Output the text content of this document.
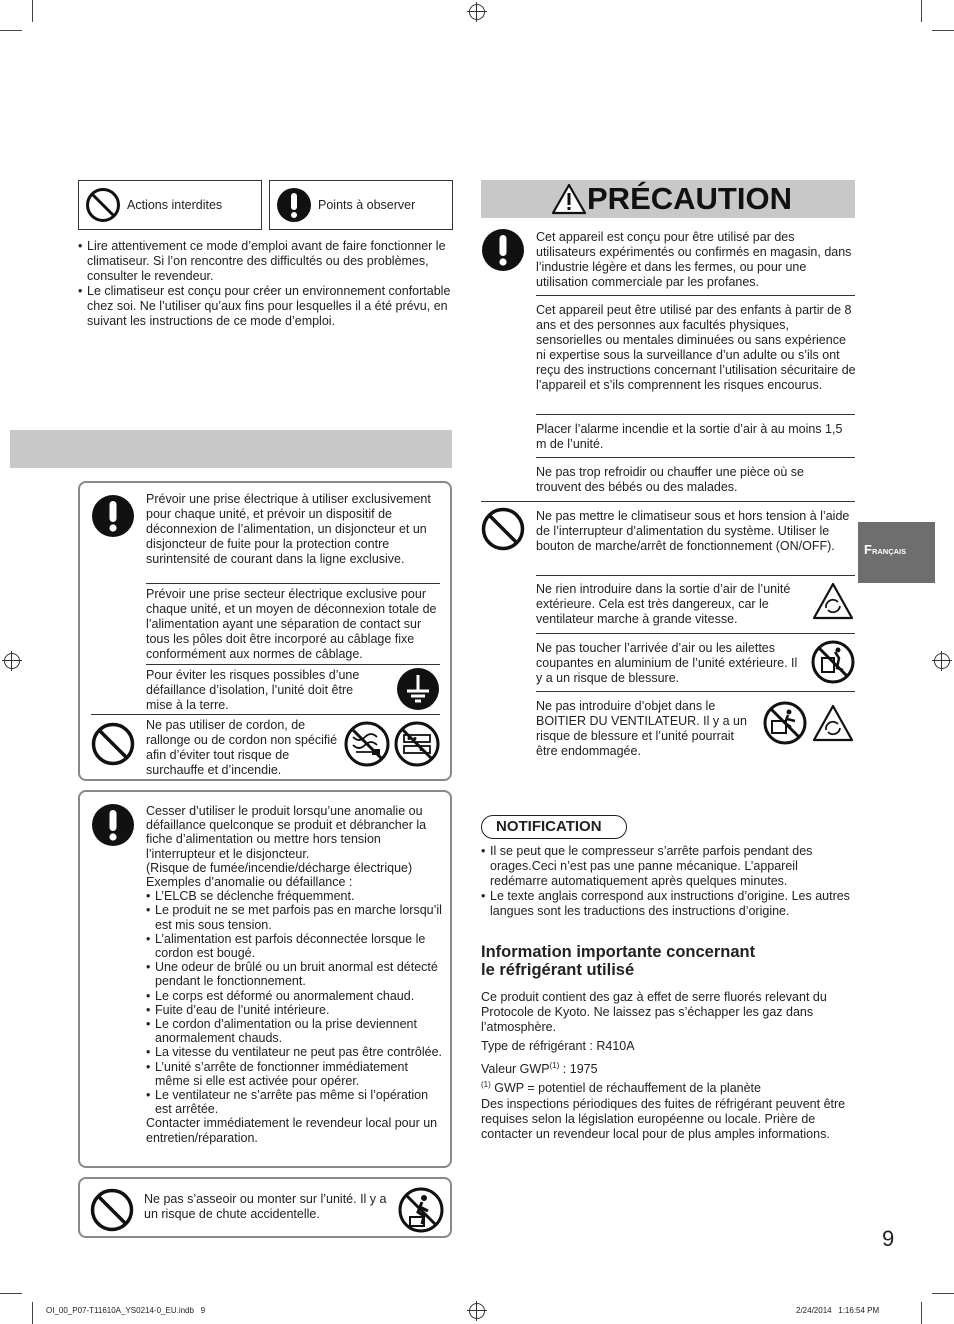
Actions interdites	Points à observer
• Lire attentivement ce mode d’emploi avant de faire fonctionner le climatiseur. Si l’on rencontre des difficultés ou des problèmes, consulter le revendeur.
• Le climatiseur est conçu pour créer un environnement confortable chez soi. Ne l’utiliser qu’aux fins pour lesquelles il a été prévu, en suivant les instructions de ce mode d’emploi.
Prévoir une prise électrique à utiliser exclusivement pour chaque unité, et prévoir un dispositif de déconnexion de l’alimentation, un disjoncteur et un disjoncteur de fuite pour la protection contre surintensité de courant dans la ligne exclusive.
Prévoir une prise secteur électrique exclusive pour chaque unité, et un moyen de déconnexion totale de l’alimentation ayant une séparation de contact sur tous les pôles doit être incorporé au câblage fixe conformément aux normes de câblage.
Pour éviter les risques possibles d’une défaillance d’isolation, l’unité doit être mise à la terre.
Ne pas utiliser de cordon, de rallonge ou de cordon non spécifié afin d’éviter tout risque de surchauffe et d’incendie.
Cesser d’utiliser le produit lorsqu’une anomalie ou défaillance quelconque se produit et débrancher la fiche d’alimentation ou mettre hors tension l’interrupteur et le disjoncteur.
(Risque de fumée/incendie/décharge électrique)
Exemples d’anomalie ou défaillance :
• L’ELCB se déclenche fréquemment.
• Le produit ne se met parfois pas en marche lorsqu’il est mis sous tension.
• L’alimentation est parfois déconnectée lorsque le cordon est bougé.
• Une odeur de brûlé ou un bruit anormal est détecté pendant le fonctionnement.
• Le corps est déformé ou anormalement chaud.
• Fuite d’eau de l’unité intérieure.
• Le cordon d’alimentation ou la prise deviennent anormalement chauds.
• La vitesse du ventilateur ne peut pas être contrôlée.
• L’unité s’arrête de fonctionner immédiatement même si elle est activée pour opérer.
• Le ventilateur ne s’arrête pas même si l’opération est arrêtée.
Contacter immédiatement le revendeur local pour un entretien/réparation.
Ne pas s’asseoir ou monter sur l’unité. Il y a un risque de chute accidentelle.
PRÉCAUTION
Cet appareil est conçu pour être utilisé par des utilisateurs expérimentés ou confirmés en magasin, dans l’industrie légère et dans les fermes, ou pour une utilisation commerciale par les profanes.
Cet appareil peut être utilisé par des enfants à partir de 8 ans et des personnes aux facultés physiques, sensorielles ou mentales diminuées ou sans expérience ni expertise sous la surveillance d’un adulte ou s’ils ont reçu des instructions concernant l’utilisation sécuritaire de l’appareil et s’ils comprennent les risques encourus.
Placer l’alarme incendie et la sortie d’air à au moins 1,5 m de l’unité.
Ne pas trop refroidir ou chauffer une pièce où se trouvent des bébés ou des malades.
Ne pas mettre le climatiseur sous et hors tension à l’aide de l’interrupteur d’alimentation du système. Utiliser le bouton de marche/arrêt de fonctionnement (ON/OFF).
Ne rien introduire dans la sortie d’air de l’unité extérieure. Cela est très dangereux, car le ventilateur marche à grande vitesse.
Ne pas toucher l’arrivée d’air ou les ailettes coupantes en aluminium de l’unité extérieure. Il y a un risque de blessure.
Ne pas introduire d’objet dans le BOITIER DU VENTILATEUR. Il y a un risque de blessure et l’unité pourrait être endommagée.
FRANÇAIS
NOTIFICATION
• Il se peut que le compresseur s’arrête parfois pendant des orages.Ceci n’est pas une panne mécanique. L’appareil redémarre automatiquement après quelques minutes.
• Le texte anglais correspond aux instructions d’origine. Les autres langues sont les traductions des instructions d’origine.
Information importante concernant
le réfrigérant utilisé
Ce produit contient des gaz à effet de serre fluorés relevant du Protocole de Kyoto. Ne laissez pas s’échapper les gaz dans l’atmosphère.
Type de réfrigérant : R410A
Valeur GWP$^{(1)}$ : 1975
$^{(1)}$ GWP = potentiel de réchauffement de la planète
Des inspections périodiques des fuites de réfrigérant peuvent être requises selon la législation européenne ou locale. Prière de contacter un revendeur local pour de plus amples informations.
9
OI_00_P07-T11610A_YS0214-0_EU.indb   9	2/24/2014   1:16:54 PM
